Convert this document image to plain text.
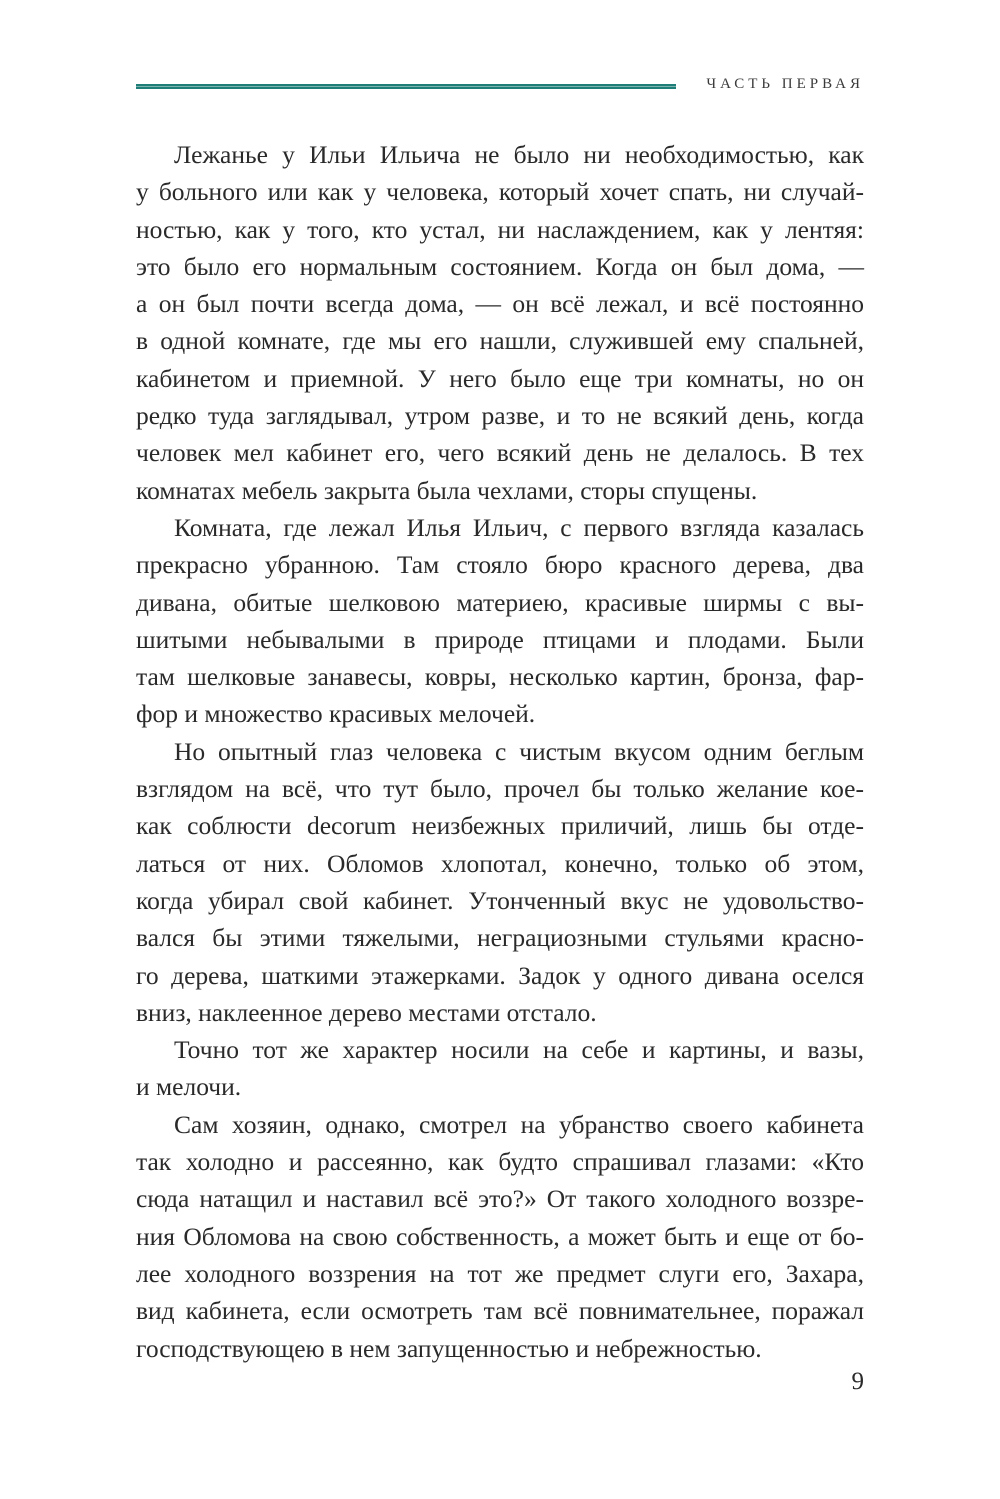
ЧАСТЬ ПЕРВАЯ
Лежанье у Ильи Ильича не было ни необходимостью, как
у больного или как у человека, который хочет спать, ни случай-
ностью, как у того, кто устал, ни наслаждением, как у лентяя:
это было его нормальным состоянием. Когда он был дома, —
а он был почти всегда дома, — он всё лежал, и всё постоянно
в одной комнате, где мы его нашли, служившей ему спальней,
кабинетом и приемной. У него было еще три комнаты, но он
редко туда заглядывал, утром разве, и то не всякий день, когда
человек мел кабинет его, чего всякий день не делалось. В тех
комнатах мебель закрыта была чехлами, сторы спущены.
Комната, где лежал Илья Ильич, с первого взгляда казалась
прекрасно убранною. Там стояло бюро красного дерева, два
дивана, обитые шелковою материею, красивые ширмы с вы-
шитыми небывалыми в природе птицами и плодами. Были
там шелковые занавесы, ковры, несколько картин, бронза, фар-
фор и множество красивых мелочей.
Но опытный глаз человека с чистым вкусом одним беглым
взглядом на всё, что тут было, прочел бы только желание кое-
как соблюсти decorum неизбежных приличий, лишь бы отде-
латься от них. Обломов хлопотал, конечно, только об этом,
когда убирал свой кабинет. Утонченный вкус не удовольство-
вался бы этими тяжелыми, неграциозными стульями красно-
го дерева, шаткими этажерками. Задок у одного дивана оселся
вниз, наклеенное дерево местами отстало.
Точно тот же характер носили на себе и картины, и вазы,
и мелочи.
Сам хозяин, однако, смотрел на убранство своего кабинета
так холодно и рассеянно, как будто спрашивал глазами: «Кто
сюда натащил и наставил всё это?» От такого холодного воззре-
ния Обломова на свою собственность, а может быть и еще от бо-
лее холодного воззрения на тот же предмет слуги его, Захара,
вид кабинета, если осмотреть там всё повнимательнее, поражал
господствующею в нем запущенностью и небрежностью.
9
